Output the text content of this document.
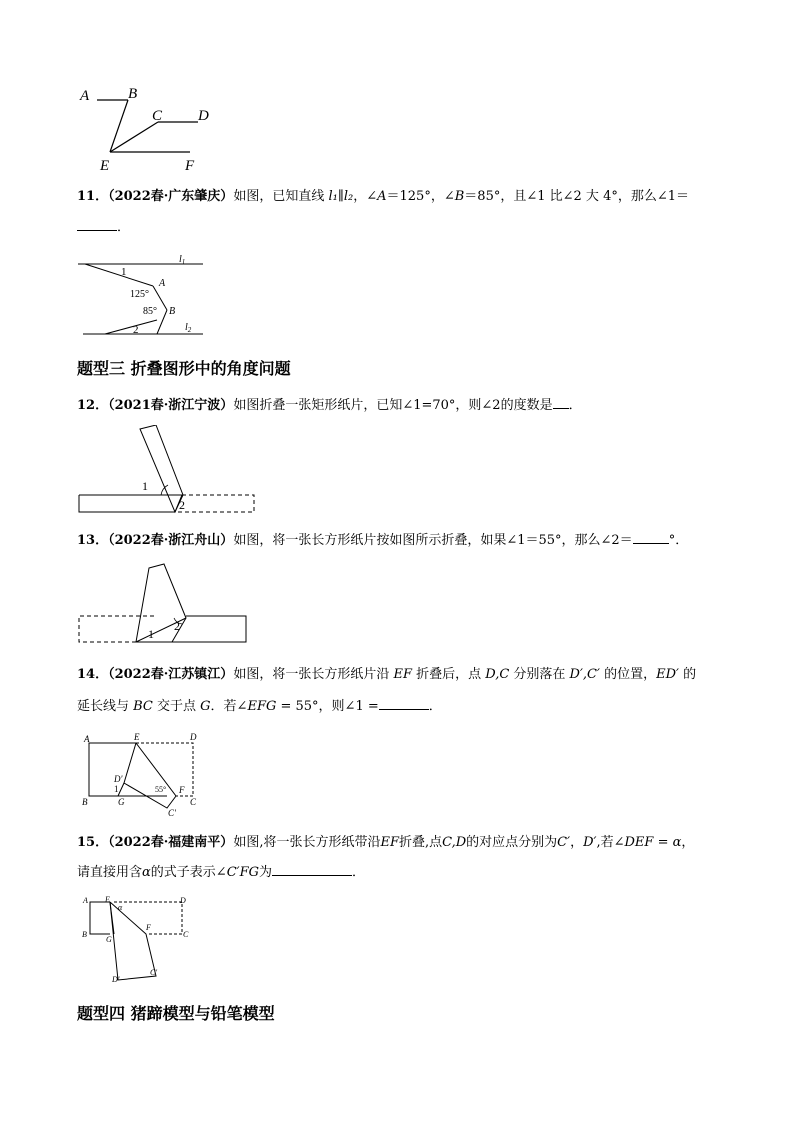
A	B
C D
E	F
11．（2022春·广东肇庆）如图，已知直线 l₁∥l₂，∠A＝125°，∠B＝85°，且∠1 比∠2 大 4°，那么∠1＝
．
1
A
125°
B
85°
2
$l_1$
$l_2$
题型三 折叠图形中的角度问题
12．（2021春·浙江宁波）如图折叠一张矩形纸片，已知∠1=70°，则∠2的度数是 ．
1
2
13．（2022春·浙江舟山）如图，将一张长方形纸片按如图所示折叠，如果∠1＝55°，那么∠2＝	°．
1
2
14．（2022春·江苏镇江）如图，将一张长方形纸片沿 EF 折叠后，点 D,C 分别落在 D′,C′ 的位置，ED′ 的
延长线与 BC 交于点 G．若∠EFG = 55°，则∠1 =	．
A	E	D
D'
1	55° F
B	G	C
C'
15．（2022春·福建南平）如图,将一张长方形纸带沿EF折叠,点C,D的对应点分别为C′，D′,若∠DEF = α，
请直接用含α的式子表示∠C′FG为	．
A E
α
D
F
B
G
C
D'
C'
题型四 猪蹄模型与铅笔模型
